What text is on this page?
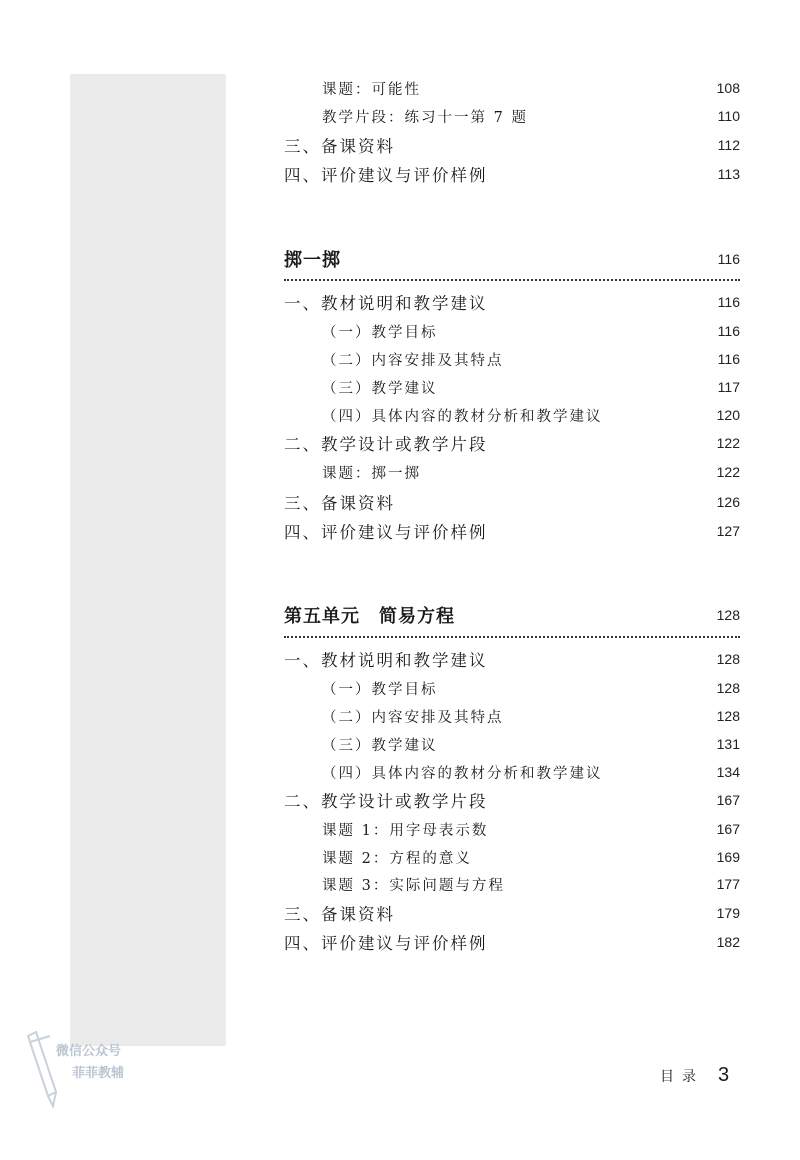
课题：可能性	108
教学片段：练习十一第 7 题	110
三、备课资料	112
四、评价建议与评价样例	113
掷一掷	116
一、教材说明和教学建议	116
（一）教学目标	116
（二）内容安排及其特点	116
（三）教学建议	117
（四）具体内容的教材分析和教学建议	120
二、教学设计或教学片段	122
课题：掷一掷	122
三、备课资料	126
四、评价建议与评价样例	127
第五单元　简易方程	128
一、教材说明和教学建议	128
（一）教学目标	128
（二）内容安排及其特点	128
（三）教学建议	131
（四）具体内容的教材分析和教学建议	134
二、教学设计或教学片段	167
课题 1：用字母表示数	167
课题 2：方程的意义	169
课题 3：实际问题与方程	177
三、备课资料	179
四、评价建议与评价样例	182
目录 3
微信公众号
菲菲教辅
